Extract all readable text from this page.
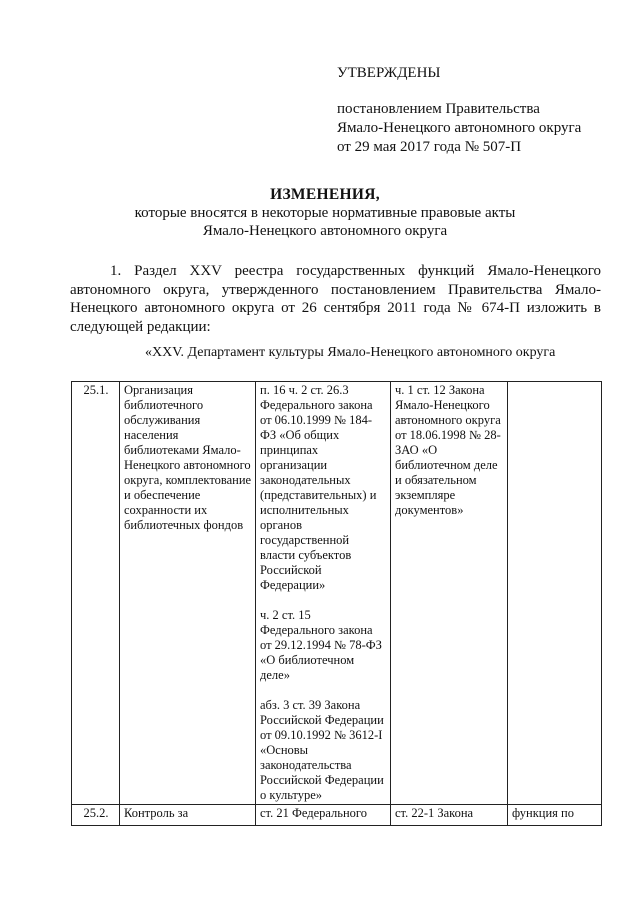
УТВЕРЖДЕНЫ
постановлением Правительства
Ямало-Ненецкого автономного округа
от 29 мая 2017 года № 507-П
ИЗМЕНЕНИЯ,
которые вносятся в некоторые нормативные правовые акты
Ямало-Ненецкого автономного округа

1. Раздел XXV реестра государственных функций Ямало-Ненецкого автономного округа, утвержденного постановлением Правительства Ямало-Ненецкого автономного округа от 26 сентября 2011 года № 674-П изложить в следующей редакции:

«XXV. Департамент культуры Ямало-Ненецкого автономного округа
25.1.	Организация библиотечного обслуживания населения библиотеками Ямало-Ненецкого автономного округа, комплектование и обеспечение сохранности их библиотечных фондов	п. 16 ч. 2 ст. 26.3 Федерального закона от 06.10.1999 № 184-ФЗ «Об общих принципах организации законодательных (представительных) и исполнительных органов государственной власти субъектов Российской Федерации»
ч. 2 ст. 15 Федерального закона от 29.12.1994 № 78-ФЗ «О библиотечном деле»
абз. 3 ст. 39 Закона Российской Федерации от 09.10.1992 № 3612-I «Основы законодательства Российской Федерации о культуре»	ч. 1 ст. 12 Закона Ямало-Ненецкого автономного округа от 18.06.1998 № 28-ЗАО «О библиотечном деле и обязательном экземпляре документов»	
25.2.	Контроль за	ст. 21 Федерального	ст. 22-1 Закона	функция по
